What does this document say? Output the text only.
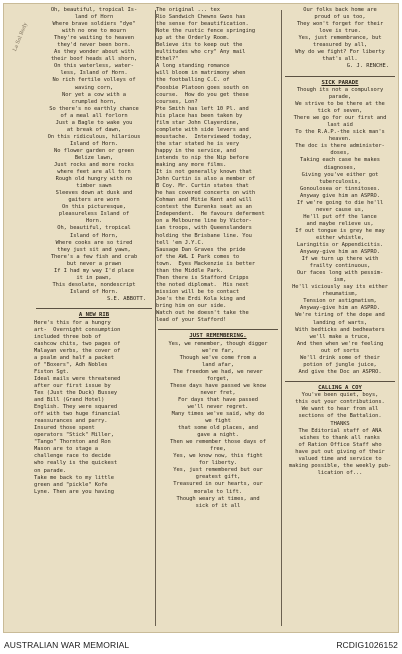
La Sol Body
Oh, beautiful, tropical Is-
land of Horn
Where brave soldiers "dye"
with no one to mourn
They're waiting to heaven
they'd never been born.
As they wonder about with
their boof heads all shorn,
On this waterless, water-
less, Island of Horn.
No rich fertile volleys of
waving corn,
Nor yet a cow with a
crumpled horn,
So there's no earthly chance
of a meal all forlorn
Just a Bagle to wake you
at break of dawn,
On this ridiculous, hilarious
Island of Horn.
No flower garden or green
Belize lawn,
Just rocks and more rocks
where feet are all torn
Rough old hungry with no
timber sawn
Sleeves down at dusk and
gaiters are worn
On this picturesque,
pleasureless Island of
Horn.
Oh, beautiful, tropical
Island of Horn,
Where cooks are so tired
they just sit and yawn,
There's a few fish and crab
but never a prawn
If I had my way I'd place
it in pawn,
This desolate, nondescript
Island of Horn.
S.E. ABBOTT.
A NEW RIB
Here's this for a hungry
art-  Overnight consumption
included three bob of
cashcow chits, two pages of
Malayan verbs, the cover of
a psalm and half a packet
of "Boxers", Adh Nobles
Fiston Sgt.
Ideal mails were threatened
after our first issue by
Tex (Just the Duck) Bussey
and Bill (Grand Hotel)
English. They were squared
off with two huge financial
reassurances and parry.
Insured those spent
operators "Stick" Miller,
"Tango" Thornton and Ron
Mason are to stage a
challenge race to decide
who really is the quickest
on parade.
Take me back to my little
green and "pickle" Kofe
Lyne. Then are you having
The original ... tex
Rio Sandwich Chewns Gwos has
the sense for beautification.
Note the rustic fence springing
up at the Orderly Room.
Believe its to keep out the
multitudes who cry" Any mail
Ethel?"
A long standing romance
will bloom in matrimony when
the footballing C.C. of
Foosbie Platoon goes south on
course.  How do you get these
courses, Lon?
Pte Smith has left 10 Pl. and
his place has been taken by
film star John Clayerdine,
complete with side levers and
moustache.  Interviewed today,
the star stated he is very
happy in the service, and
intends to nip the Nip before
making any more films.
It is not generally known that
John Curtin is also a member of
B Coy. Mr. Curtin states that
he has covered concerts on with
Cohman and Mitie Kent and will
contest the Eurenks seat as an
Independent.  He favours deferment
on a Melbourne line by Victor-
ian troops, with Queenslanders
holding the Brisbane line. You
tell 'em J.Y.C.
Sausage Dan Graves the pride
of the AWL I Park comes to
town.  Eyes Mackenzie is better
than the Middle Park.
Then there is Stafford Cripps
the noted diplomat.  His next
mission will be to contact
Joe's the Erdi Kola king and
bring him on our side.
Watch out he doesn't take the
lead of your Stafford!
JUST REMEMBERING.
Yes, we remember, though digger
we're far,
Though we've come from a
land afar,
The freedom we had, we never
forget,
These days have passed we know
never fret,
For days that have passed
we'll never regret.
Many times we've said, why do
we fight
that some old places, and
gave a night.
Then we remember those days of
free,
Yes, we know now, this fight
for liberty.
Yes, just remembered but our
greatest gift,
Treasured in our hearts, our
morale to lift.
Though weary at times, and
sick of it all
Our folks back home are
proud of us too,
They won't forget for their
love is true.
Yes, just remembrance, but
treasured by all,
Why do we fight? For liberty
that's all.
G. J. RENCHE.
SICK PARADE
Though its not a compulsory
parade,
We strive to be there at the
tick of seven,
There we go for our first and
last aid
To the R.A.P.-the sick man's
heaven.
The doc is there administer-
doses,
Taking each case he makes
diagnoses,
Giving you've either got
tuberculosis,
Gonoulosea or tinnitoses.
Anyway give him an ASPRO.
If we're going to die he'll
never cause us,
He'll put off the lance
and maybe relieve us,
If out tongue is grey he may
either whistle,
Laringitis or Appendicitis.
Anyway-give him an ASPRO.
If we turn up there with
frailty continuous,
Our faces long with pessim-
ism,
He'll viciously say its either
rheumatism,
Tension or astigmatism,
Anyway-give him an ASPRO.
We're tiring of the dope and
landing of warts,
With bedticks and bedheaters
we'll make a truce,
And then when we're feeling
out of sorts
We'll drink some of their
potion of jungle juice,
And give the Doc an ASPRO.
CALLING A COY
You've been quiet, boys,
this out your contributions.
We want to hear from all
sections of the Battalion.
THANKS
The Editorial staff of ANA
wishes to thank all ranks
of Ration Office Staff who
have put out giving of their
valued time and service to
making possible, the weekly pub-
lication of...
AUSTRALIAN WAR MEMORIAL	RCDIG1026152
